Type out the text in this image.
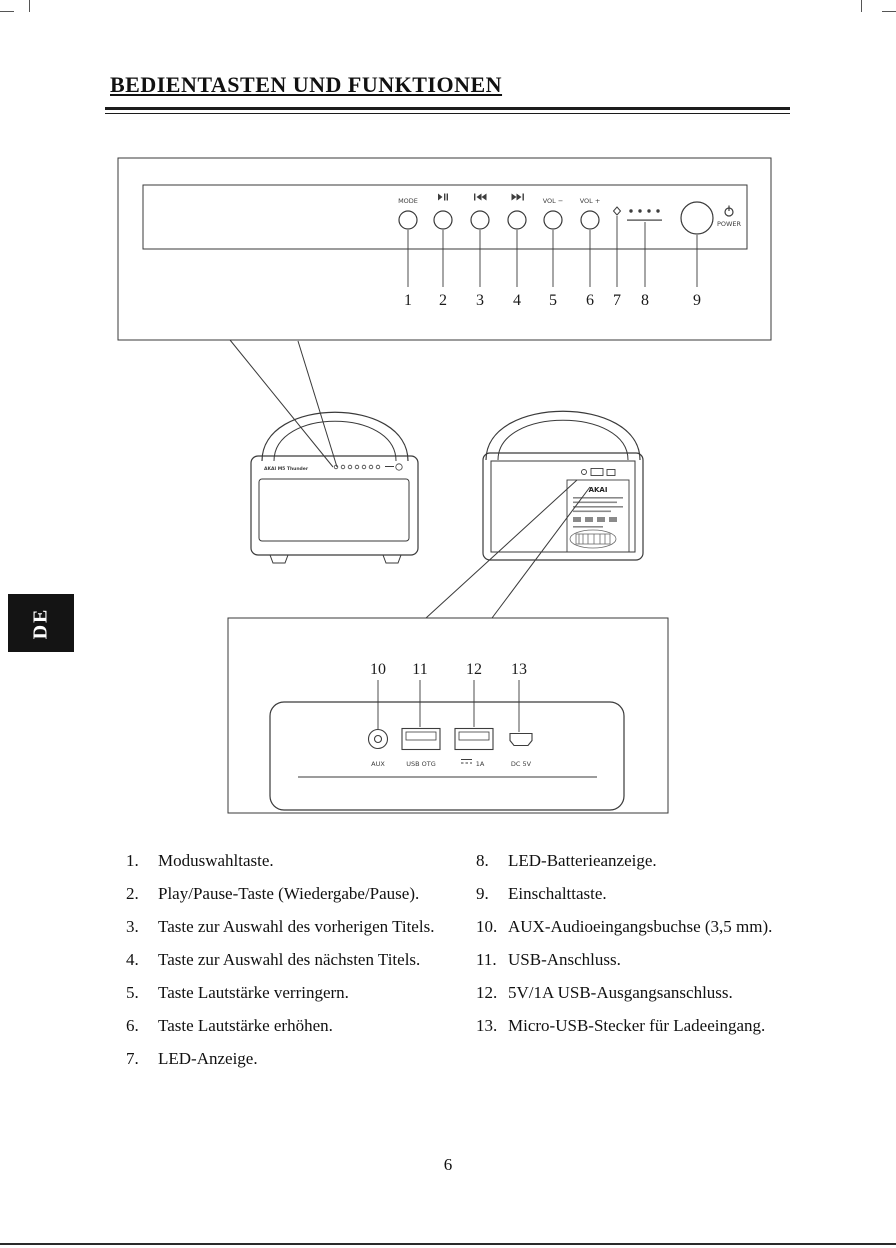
BEDIENTASTEN UND FUNKTIONEN
MODE	VOL −	VOL +
POWER
1 2 3 4 5 6 7 8	9
AKAI M5 Thunder
AKAI
10 11 12 13
AUX	USB OTG	1A	DC 5V
DE
1.	Moduswahltaste.
2.	Play/Pause-Taste (Wiedergabe/Pause).
3.	Taste zur Auswahl des vorherigen Titels.
4.	Taste zur Auswahl des nächsten Titels.
5.	Taste Lautstärke verringern.
6.	Taste Lautstärke erhöhen.
7.	LED-Anzeige.
8.	LED-Batterieanzeige.
9.	Einschalttaste.
10. AUX-Audioeingangsbuchse (3,5 mm).
11. USB-Anschluss.
12. 5V/1A USB-Ausgangsanschluss.
13. Micro-USB-Stecker für Ladeeingang.
6
